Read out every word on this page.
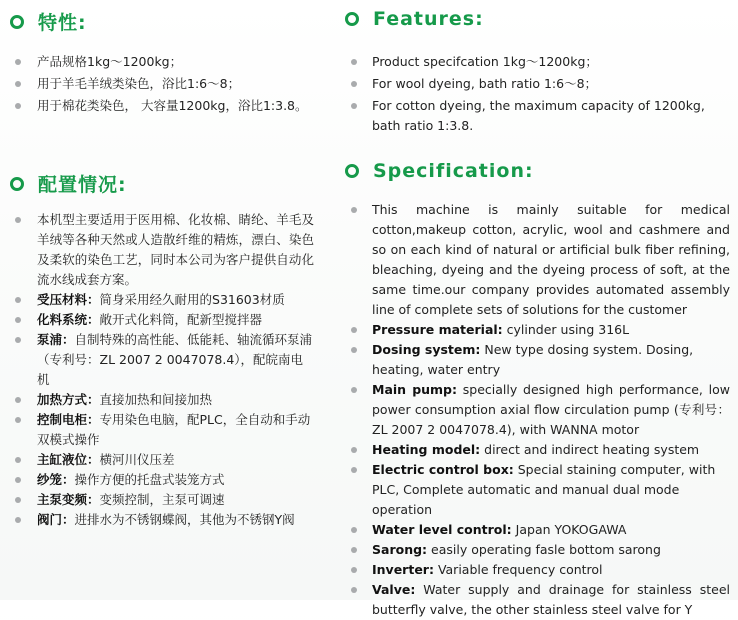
特性:
产品规格1kg～1200kg；
用于羊毛羊绒类染色，浴比1:6～8；
用于棉花类染色， 大容量1200kg，浴比1:3.8。
配置情况:
本机型主要适用于医用棉、化妆棉、睛纶、羊毛及羊绒等各种天然或人造散纤维的精炼，漂白、染色及柔软的染色工艺，同时本公司为客户提供自动化流水线成套方案。
受压材料：简身采用经久耐用的S31603材质
化料系统：敞开式化料筒，配新型搅拌器
泵浦：自制特殊的高性能、低能耗、轴流循环泵浦（专利号：ZL 2007 2 0047078.4），配皖南电机
加热方式：直接加热和间接加热
控制电柜：专用染色电脑，配PLC，全自动和手动双模式操作
主缸液位：横河川仪压差
纱笼：操作方便的托盘式装笼方式
主泵变频：变频控制，主泵可调速
阀门：进排水为不锈钢蝶阀，其他为不锈钢Y阀
Features:
Product specifcation 1kg～1200kg；
For wool dyeing, bath ratio 1:6～8；
For cotton dyeing, the maximum capacity of 1200kg, bath ratio 1:3.8.
Specification:
This machine is mainly suitable for medical cotton,makeup cotton, acrylic, wool and cashmere and so on each kind of natural or artificial bulk fiber refining, bleaching, dyeing and the dyeing process of soft, at the same time.our company provides automated assembly line of complete sets of solutions for the customer
Pressure material: cylinder using 316L
Dosing system: New type dosing system. Dosing, heating, water entry
Main pump: specially designed high performance, low power consumption axial flow circulation pump (专利号：ZL 2007 2 0047078.4), with WANNA motor
Heating model: direct and indirect heating system
Electric control box: Special staining computer, with PLC, Complete automatic and manual dual mode operation
Water level control: Japan YOKOGAWA
Sarong: easily operating fasle bottom sarong
Inverter: Variable frequency control
Valve: Water supply and drainage for stainless steel butterfly valve, the other stainless steel valve for Y
